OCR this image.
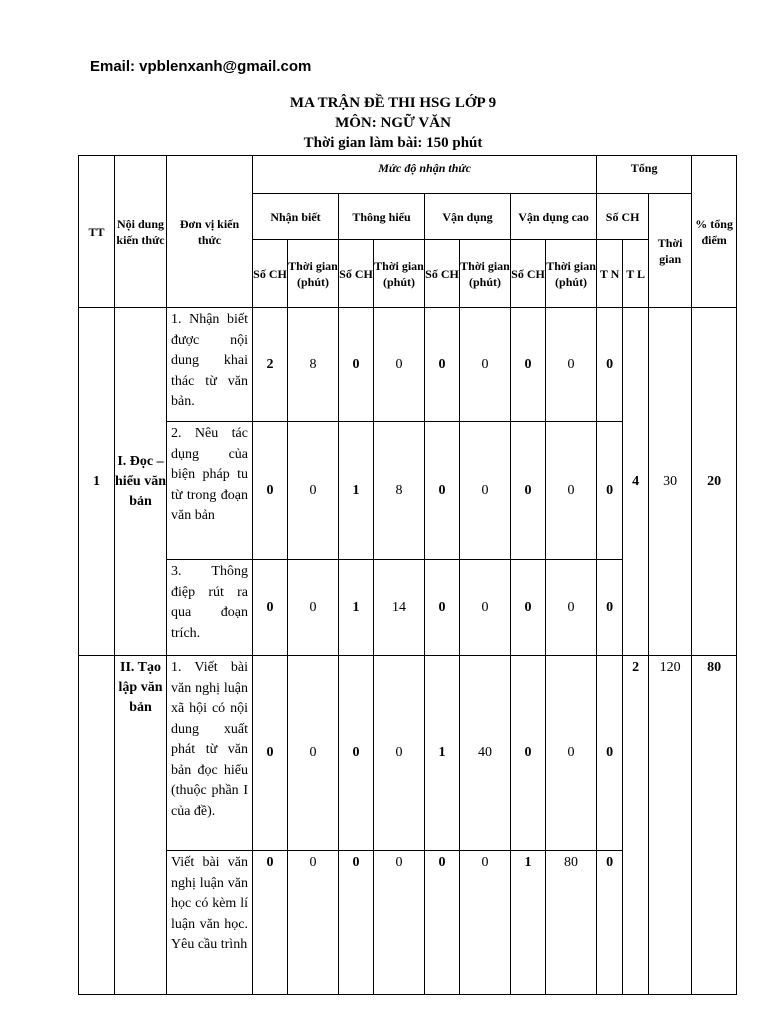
Email: vpblenxanh@gmail.com
MA TRẬN ĐỀ THI HSG LỚP 9
MÔN: NGỮ VĂN
Thời gian làm bài: 150 phút
TT	Nội dung kiến thức	Đơn vị kiến thức	Mức độ nhận thức								Tổng			% tổng điểm
			Nhận biết		Thông hiểu		Vận dụng		Vận dụng cao		Số CH		Thời gian	
			Số CH	Thời gian (phút)	Số CH	Thời gian (phút)	Số CH	Thời gian (phút)	Số CH	Thời gian (phút)	T N	T L		
1	I. Đọc – hiểu văn bản	1. Nhận biết được nội dung khai thác từ văn bản.	2	8	0	0	0	0	0	0	0	4	30	20
		2. Nêu tác dụng của biện pháp tu từ trong đoạn văn bản	0	0	1	8	0	0	0	0	0			
		3. Thông điệp rút ra qua đoạn trích.	0	0	1	14	0	0	0	0	0			
	II. Tạo lập văn bản	1. Viết bài văn nghị luận xã hội có nội dung xuất phát từ văn bản đọc hiểu (thuộc phần I của đề).	0	0	0	0	1	40	0	0	0	2	120	80
		Viết bài văn nghị luận văn học có kèm lí luận văn học. Yêu cầu trình	0	0	0	0	0	0	1	80	0			
